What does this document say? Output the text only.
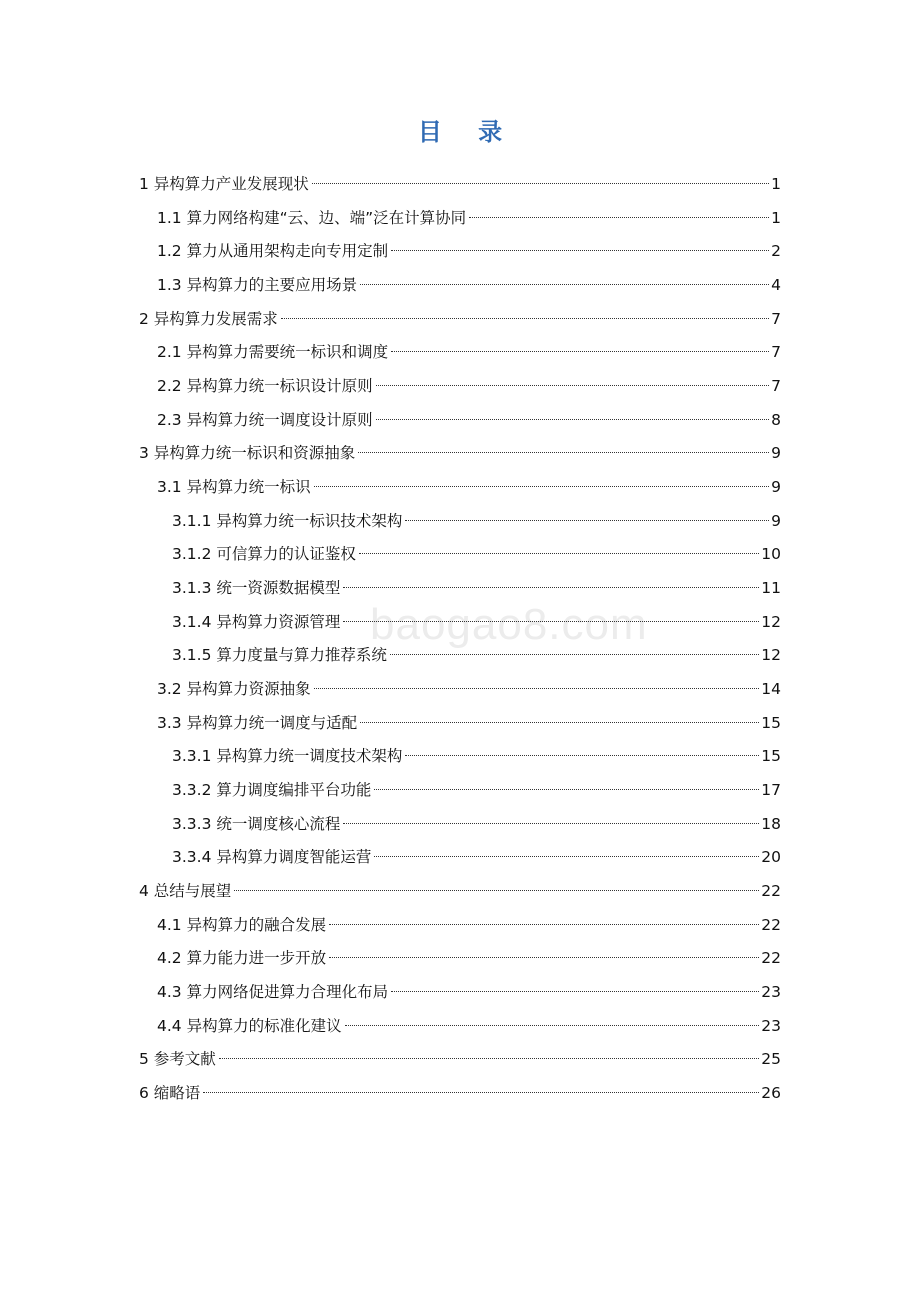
目 录
baogao8.com
1 异构算力产业发展现状	1
1.1 算力网络构建“云、边、端”泛在计算协同	1
1.2 算力从通用架构走向专用定制	2
1.3 异构算力的主要应用场景	4
2 异构算力发展需求	7
2.1 异构算力需要统一标识和调度	7
2.2 异构算力统一标识设计原则	7
2.3 异构算力统一调度设计原则	8
3 异构算力统一标识和资源抽象	9
3.1 异构算力统一标识	9
3.1.1 异构算力统一标识技术架构	9
3.1.2 可信算力的认证鉴权	10
3.1.3 统一资源数据模型	11
3.1.4 异构算力资源管理	12
3.1.5 算力度量与算力推荐系统	12
3.2 异构算力资源抽象	14
3.3 异构算力统一调度与适配	15
3.3.1 异构算力统一调度技术架构	15
3.3.2 算力调度编排平台功能	17
3.3.3 统一调度核心流程	18
3.3.4 异构算力调度智能运营	20
4 总结与展望	22
4.1 异构算力的融合发展	22
4.2 算力能力进一步开放	22
4.3 算力网络促进算力合理化布局	23
4.4 异构算力的标准化建议	23
5 参考文献	25
6 缩略语	26
